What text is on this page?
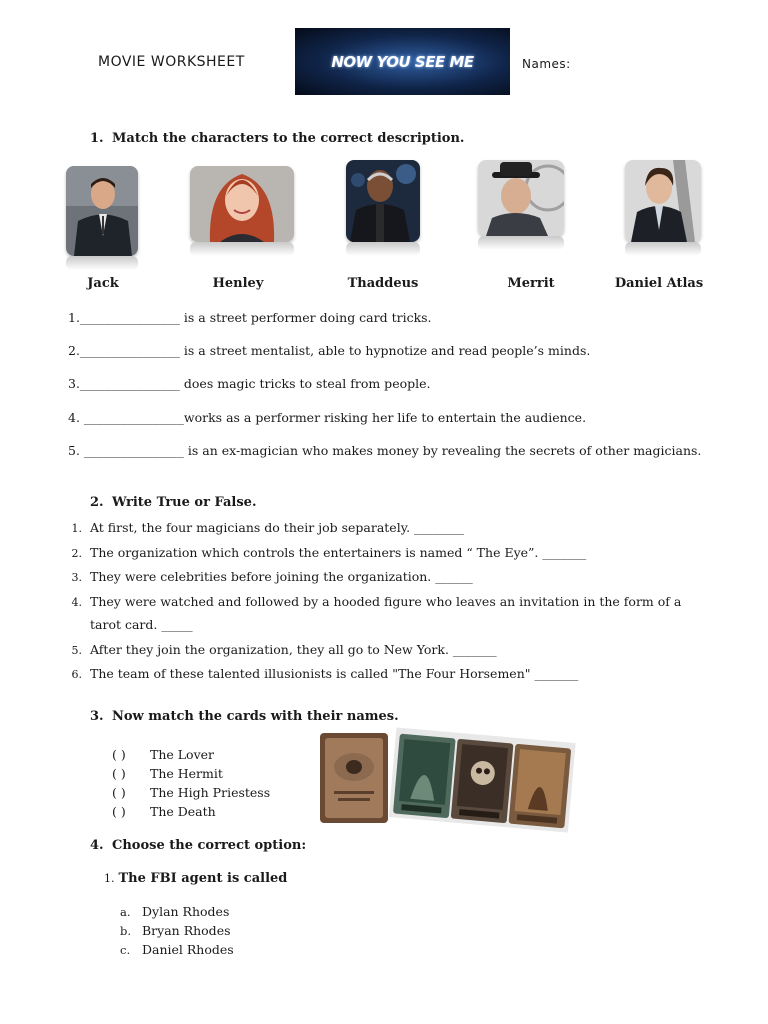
MOVIE WORKSHEET	NOW YOU SEE ME	Names:
1. Match the characters to the correct description.
Jack	Henley	Thaddeus	Merrit	Daniel Atlas
1.________________ is a street performer doing card tricks.
2.________________ is a street mentalist, able to hypnotize and read people’s minds.
3.________________ does magic tricks to steal from people.
4. ________________works as a performer risking her life to entertain the audience.
5. ________________ is an ex-magician who makes money by revealing the secrets of other magicians.
2. Write True or False.
1. At first, the four magicians do their job separately. ________
2. The organization which controls the entertainers is named “ The Eye”. _______
3. They were celebrities before joining the organization. ______
4. They were watched and followed by a hooded figure who leaves an invitation in the form of a
tarot card. _____
5. After they join the organization, they all go to New York. _______
6. The team of these talented illusionists is called "The Four Horsemen" _______
3. Now match the cards with their names.
( ) The Lover
( ) The Hermit
( ) The High Priestess
( ) The Death
4. Choose the correct option:
1. The FBI agent is called
a. Dylan Rhodes
b. Bryan Rhodes
c. Daniel Rhodes
